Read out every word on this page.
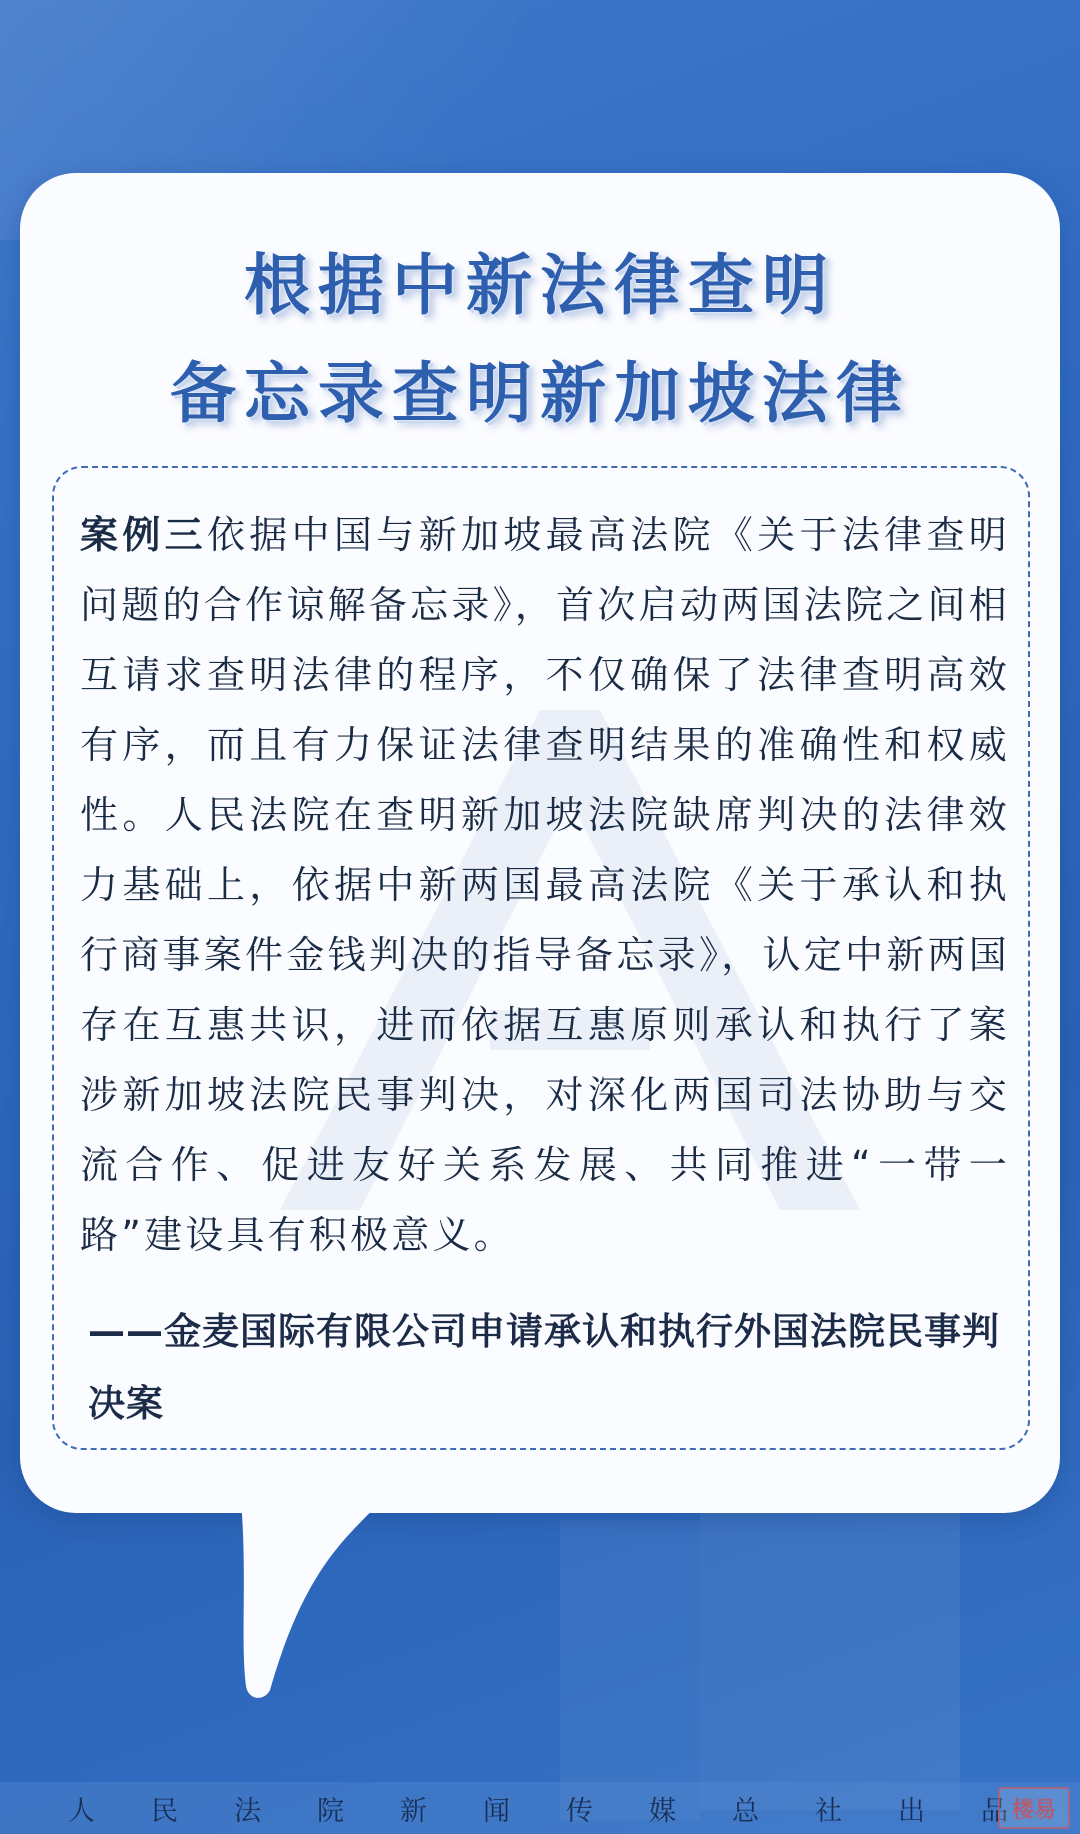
根据中新法律查明
备忘录查明新加坡法律
案例三依据中国与新加坡最高法院《关于法律查明问题的合作谅解备忘录》，首次启动两国法院之间相互请求查明法律的程序，不仅确保了法律查明高效有序，而且有力保证法律查明结果的准确性和权威性。人民法院在查明新加坡法院缺席判决的法律效力基础上，依据中新两国最高法院《关于承认和执行商事案件金钱判决的指导备忘录》，认定中新两国存在互惠共识，进而依据互惠原则承认和执行了案涉新加坡法院民事判决，对深化两国司法协助与交流合作、促进友好关系发展、共同推进“一带一路”建设具有积极意义。
——金麦国际有限公司申请承认和执行外国法院民事判决案
人 民 法 院 新 闻 传 媒 总 社 出 品 楼易
